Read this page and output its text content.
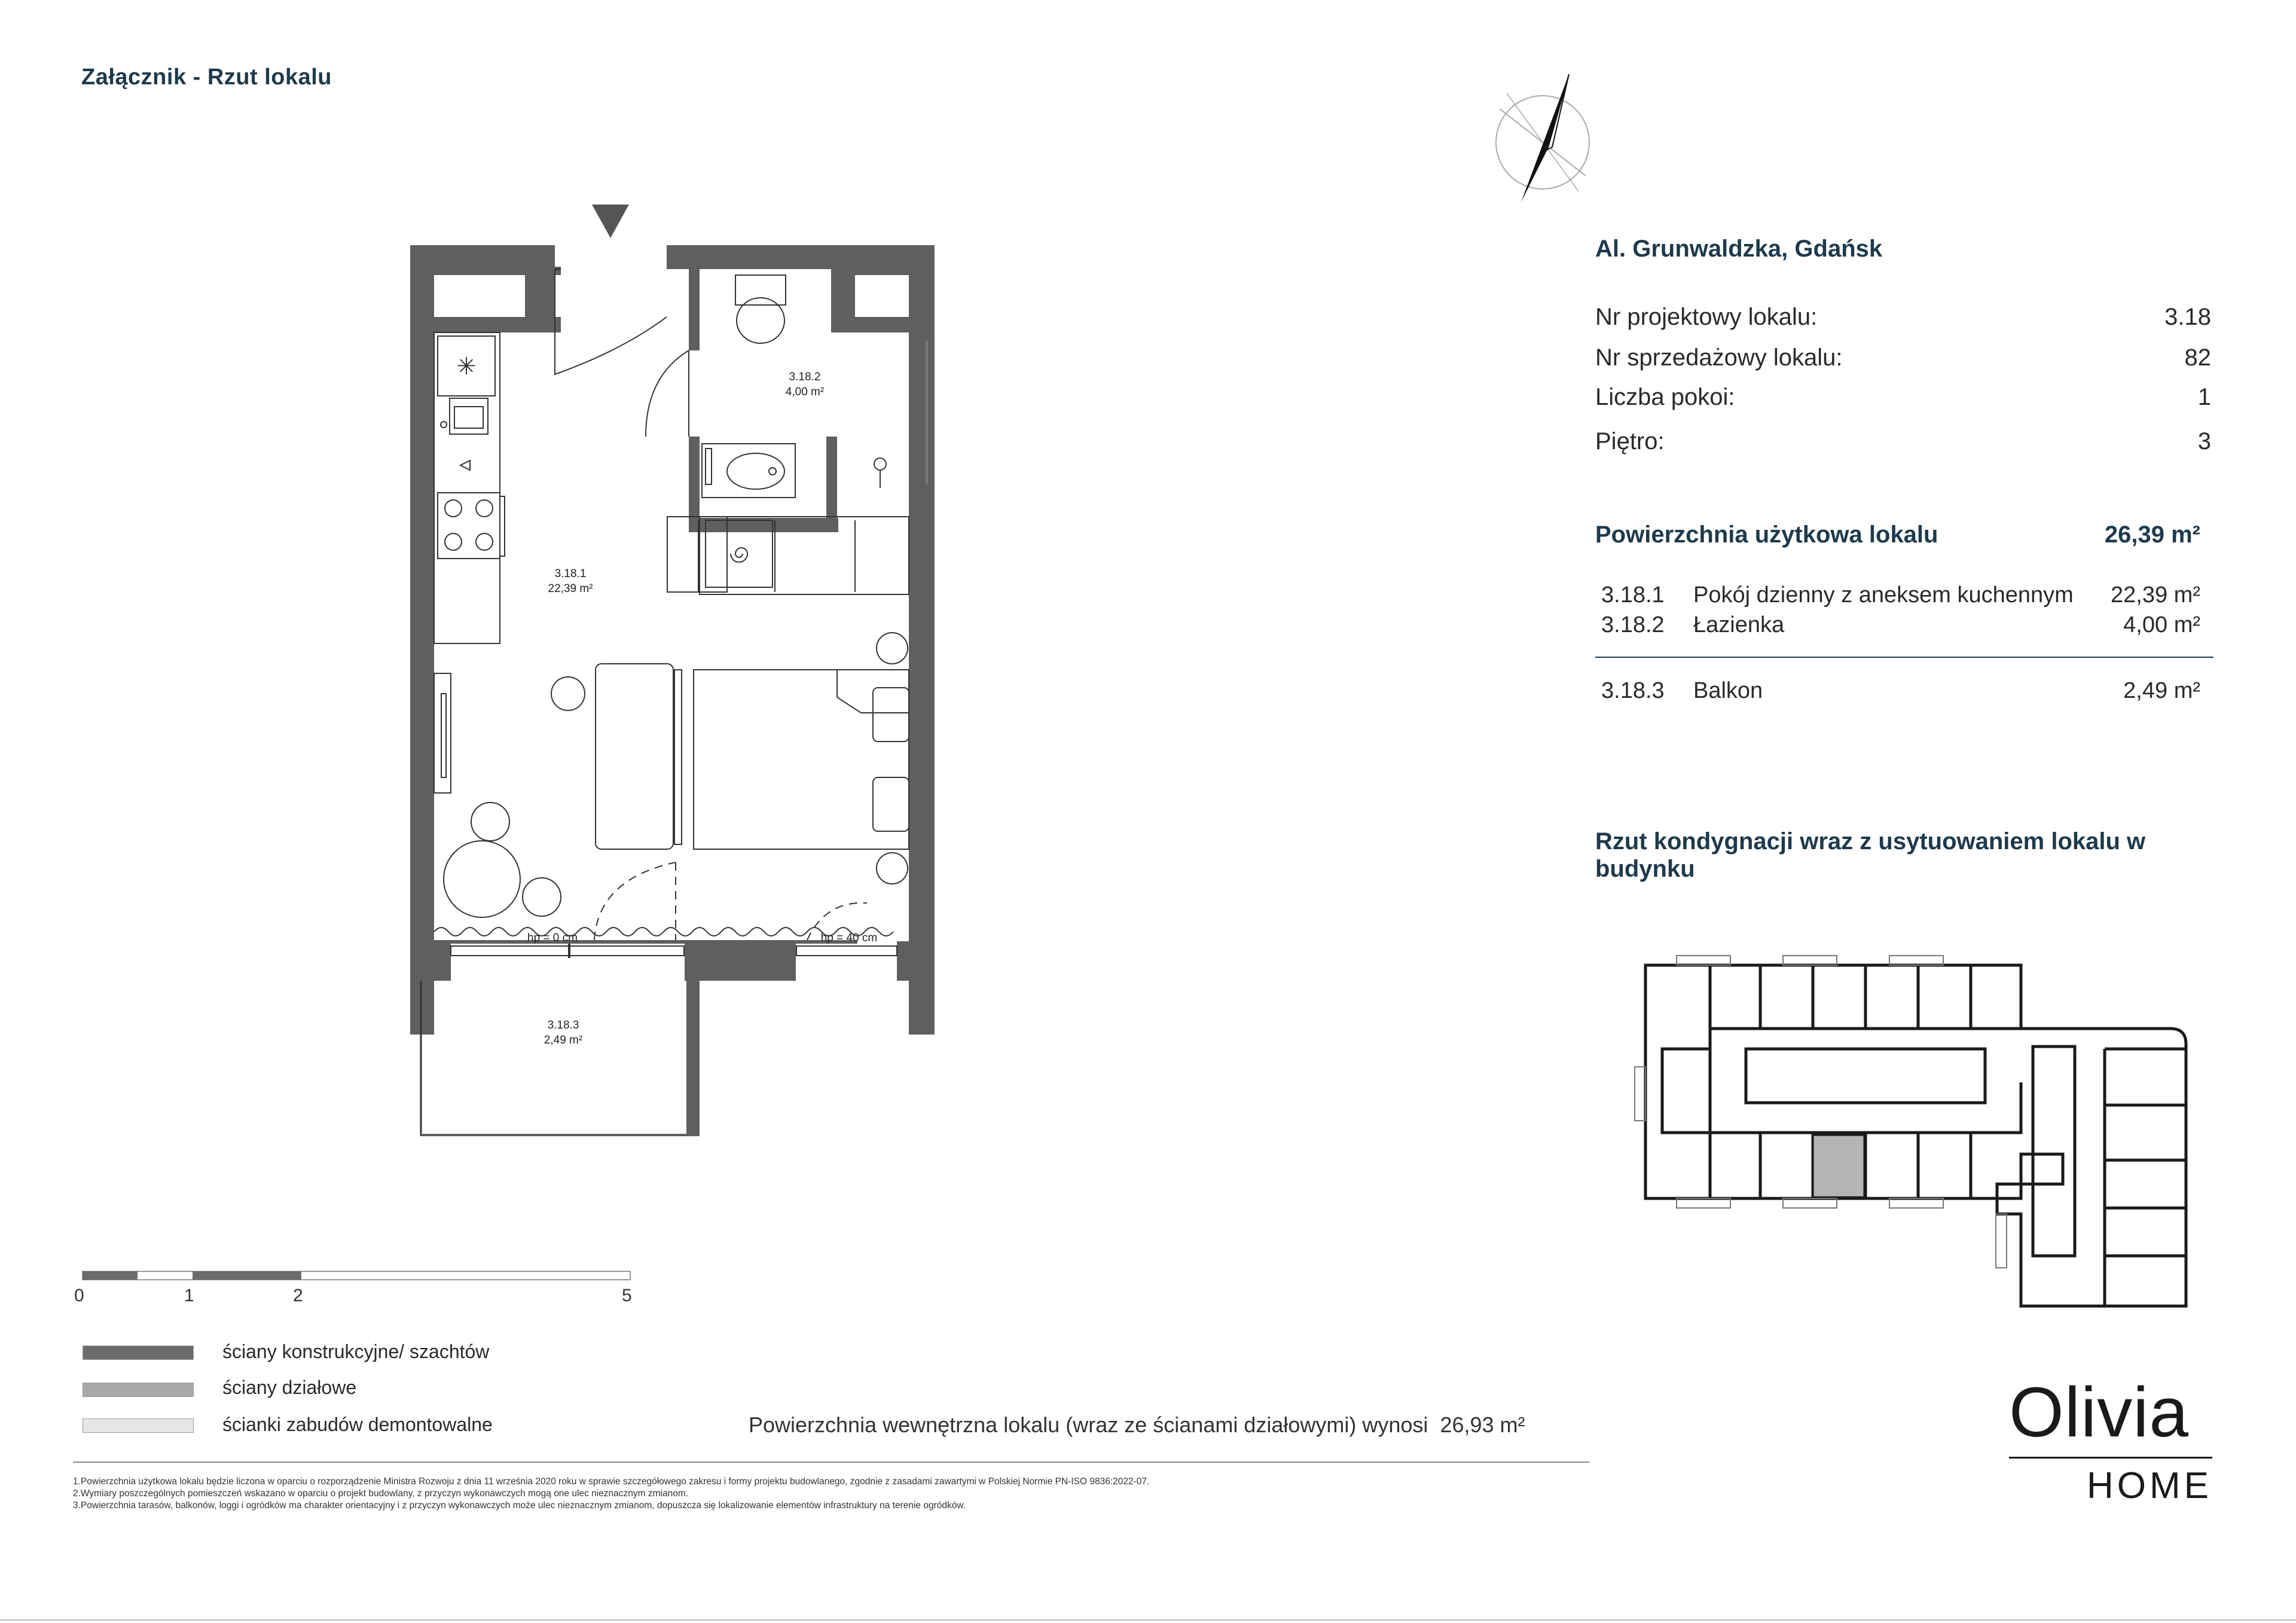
Załącznik - Rzut lokalu
✳
3.18.1
22,39 m²
3.18.2
4,00 m²
3.18.3
2,49 m²
hp = 0 cm	hp = 40 cm
Al. Grunwaldzka, Gdańsk
Nr projektowy lokalu:	3.18
Nr sprzedażowy lokalu:	82
Liczba pokoi:	1
Piętro:	3
Powierzchnia użytkowa lokalu	26,39 m²
3.18.1 Pokój dzienny z aneksem kuchennym	22,39 m²
3.18.2 Łazienka	4,00 m²
3.18.3 Balkon	2,49 m²
Rzut kondygnacji wraz z usytuowaniem lokalu w budynku
0	1	2	5
ściany konstrukcyjne/ szachtów
ściany działowe
ścianki zabudów demontowalne	Powierzchnia wewnętrzna lokalu (wraz ze ścianami działowymi) wynosi 26,93 m²
1.Powierzchnia użytkowa lokalu będzie liczona w oparciu o rozporządzenie Ministra Rozwoju z dnia 11 września 2020 roku w sprawie szczegółowego zakresu i formy projektu budowlanego, zgodnie z zasadami zawartymi w Polskiej Normie PN-ISO 9836:2022-07.
2.Wymiary poszczególnych pomieszczeń wskazano w oparciu o projekt budowlany, z przyczyn wykonawczych mogą one ulec nieznacznym zmianom.
3.Powierzchnia tarasów, balkonów, loggi i ogródków ma charakter orientacyjny i z przyczyn wykonawczych może ulec nieznacznym zmianom, dopuszcza się lokalizowanie elementów infrastruktury na terenie ogródków.
Olivia
HOME
